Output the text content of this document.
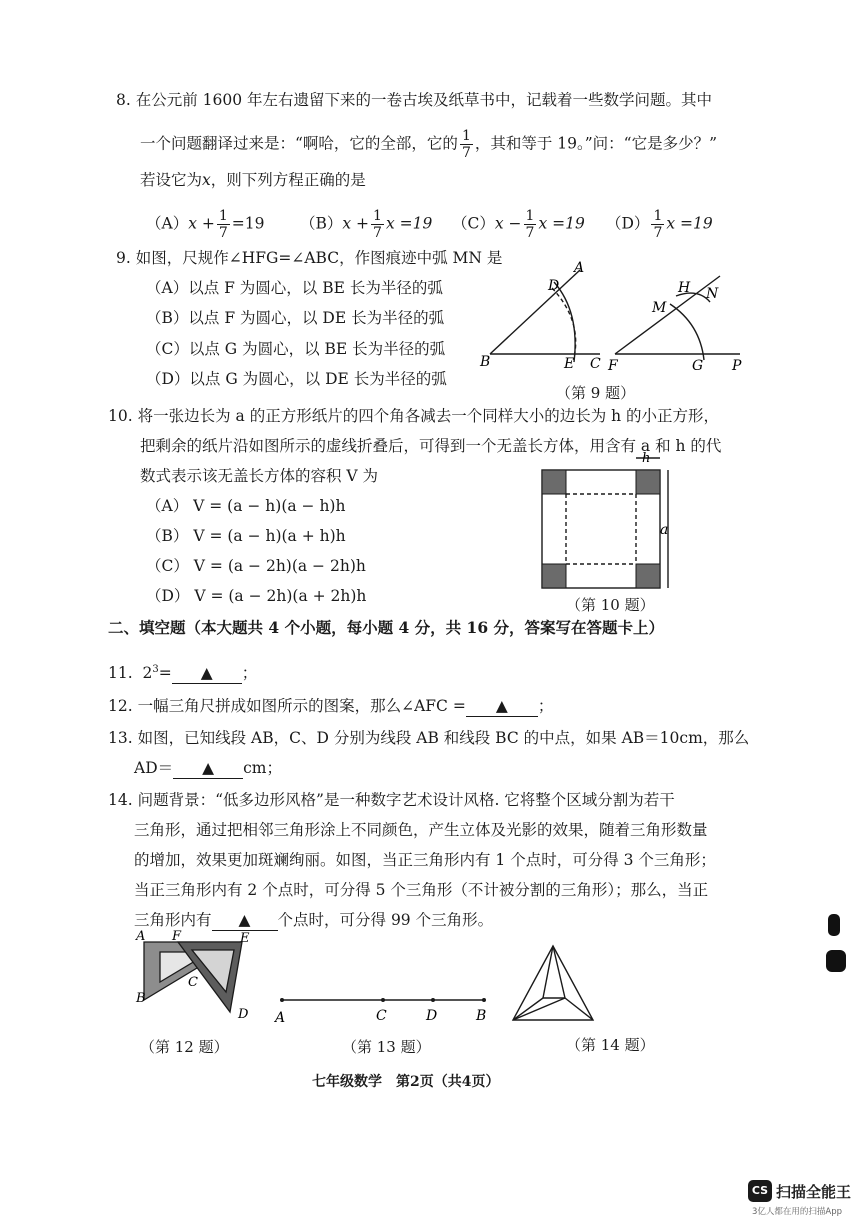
8. 在公元前 1600 年左右遗留下来的一卷古埃及纸草书中，记载着一些数学问题。其中
一个问题翻译过来是：“啊哈，它的全部，它的 $\frac{1}{7}$ ，其和等于 19。”问：“它是多少？”
若设它为x，则下列方程正确的是
$(A)x + \frac{1}{7} =19$ $(B)x + \frac{1}{7}$ x =19 $(C)x - \frac{1}{7}$ x =19 $(D) \frac{1}{7}$ x =19
9. 如图，尺规作∠HFG=∠ABC，作图痕迹中弧 MN 是
（A）以点 F 为圆心，以 BE 长为半径的弧
（B）以点 F 为圆心，以 DE 长为半径的弧
（C）以点 G 为圆心，以 BE 长为半径的弧
（D）以点 G 为圆心，以 DE 长为半径的弧
A
D
B	E C
H N
M
F	G P
（第 9 题）
10. 将一张边长为 a 的正方形纸片的四个角各减去一个同样大小的边长为 h 的小正方形，
把剩余的纸片沿如图所示的虚线折叠后，可得到一个无盖长方体，用含有 a 和 h 的代
数式表示该无盖长方体的容积 V 为
（A） V = (a − h)(a − h)h
（B） V = (a − h)(a + h)h
（C） V = (a − 2h)(a − 2h)h
（D） V = (a − 2h)(a + 2h)h
h
a
（第 10 题）
二、填空题（本大题共 4 个小题，每小题 4 分，共 16 分，答案写在答题卡上）
11. $2^3=$ ▲ ；
12. 一幅三角尺拼成如图所示的图案，那么∠AFC = ▲ ；
13. 如图，已知线段 AB，C、D 分别为线段 AB 和线段 BC 的中点，如果 AB＝10cm，那么
AD＝ ▲ cm；
14. 问题背景：“低多边形风格”是一种数字艺术设计风格. 它将整个区域分割为若干
三角形，通过把相邻三角形涂上不同颜色，产生立体及光影的效果，随着三角形数量
的增加，效果更加斑斓绚丽。如图，当正三角形内有 1 个点时，可分得 3 个三角形；
当正三角形内有 2 个点时，可分得 5 个三角形（不计被分割的三角形）；那么，当正
三角形内有 ▲ 个点时，可分得 99 个三角形。
A F	E
B
C
D
（第 12 题）
A	C	D	B
（第 13 题）	（第 14 题）
七年级数学　第2页（共4页）
CS 扫描全能王
3亿人都在用的扫描App
